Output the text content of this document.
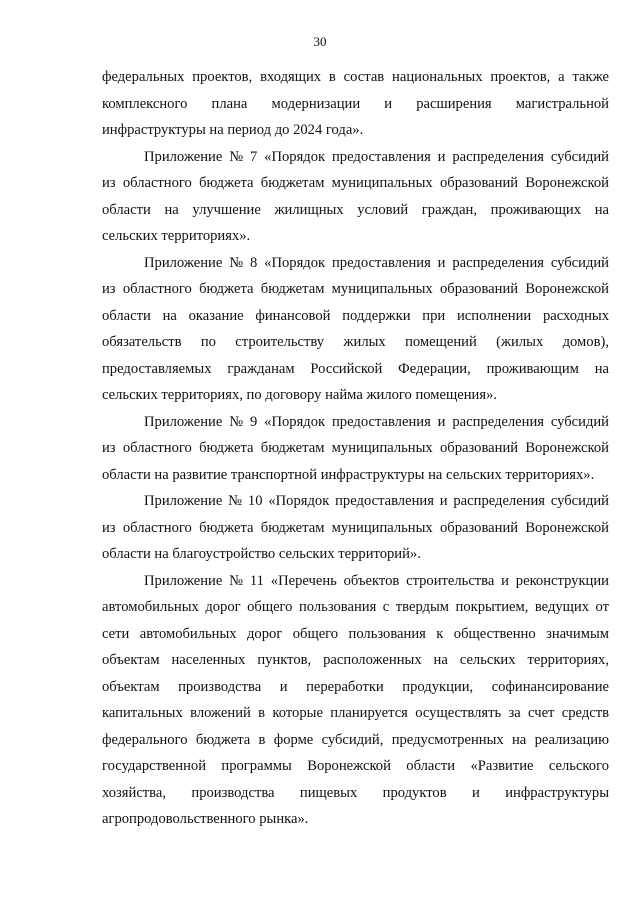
30

федеральных проектов, входящих в состав национальных проектов, а также
комплексного плана модернизации и расширения магистральной
инфраструктуры на период до 2024 года».

Приложение № 7 «Порядок предоставления и распределения субсидий
из областного бюджета бюджетам муниципальных образований Воронежской
области на улучшение жилищных условий граждан, проживающих на
сельских территориях».

Приложение № 8 «Порядок предоставления и распределения субсидий
из областного бюджета бюджетам муниципальных образований Воронежской
области на оказание финансовой поддержки при исполнении расходных
обязательств по строительству жилых помещений (жилых домов),
предоставляемых гражданам Российской Федерации, проживающим на
сельских территориях, по договору найма жилого помещения».

Приложение № 9 «Порядок предоставления и распределения субсидий
из областного бюджета бюджетам муниципальных образований Воронежской
области на развитие транспортной инфраструктуры на сельских территориях».

Приложение № 10 «Порядок предоставления и распределения субсидий
из областного бюджета бюджетам муниципальных образований Воронежской
области на благоустройство сельских территорий».

Приложение № 11 «Перечень объектов строительства и реконструкции
автомобильных дорог общего пользования с твердым покрытием, ведущих от
сети автомобильных дорог общего пользования к общественно значимым
объектам населенных пунктов, расположенных на сельских территориях,
объектам производства и переработки продукции, софинансирование
капитальных вложений в которые планируется осуществлять за счет средств
федерального бюджета в форме субсидий, предусмотренных на реализацию
государственной программы Воронежской области «Развитие сельского
хозяйства, производства пищевых продуктов и инфраструктуры
агропродовольственного рынка».
